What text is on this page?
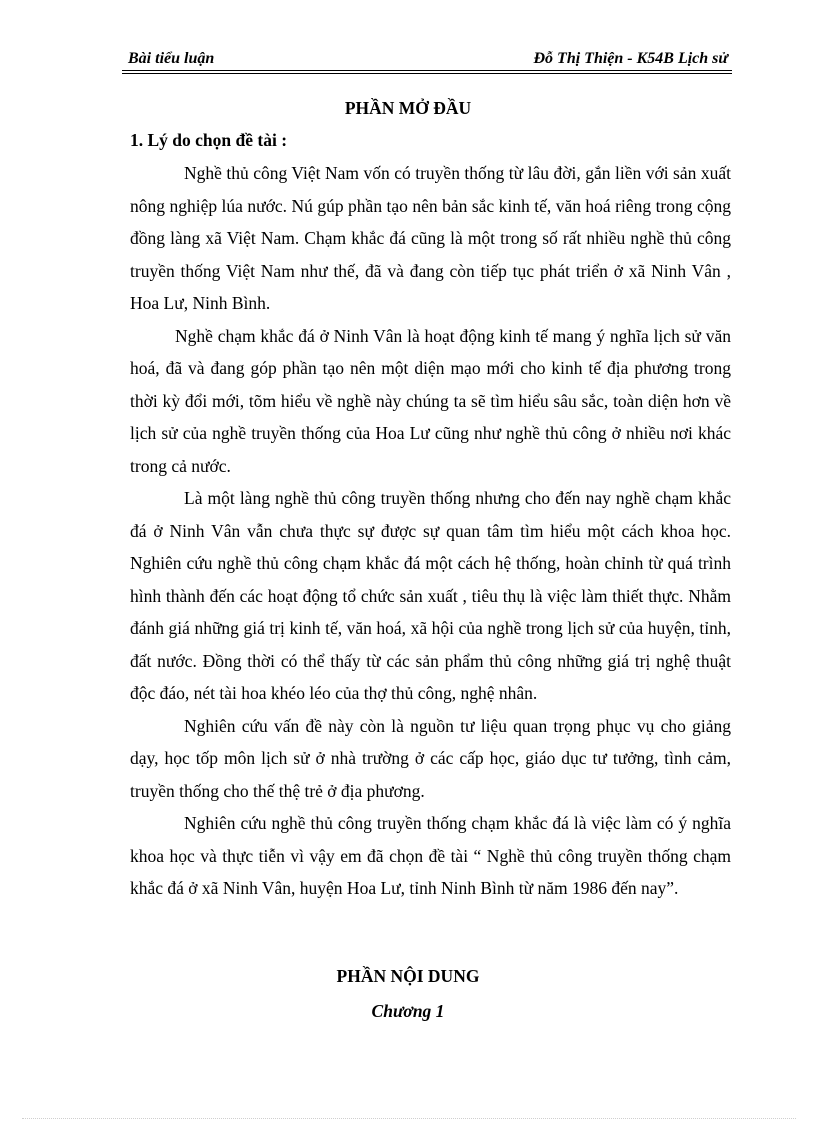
Bài tiểu luận	Đỗ Thị Thiện - K54B Lịch sử
PHẦN MỞ ĐẦU
1. Lý do chọn đề tài :

Nghề thủ công Việt Nam vốn có truyền thống từ lâu đời, gắn liền với sản xuất nông nghiệp lúa nước. Nú gúp phần tạo nên bản sắc kinh tế, văn hoá riêng trong cộng đồng làng xã Việt Nam. Chạm khắc đá cũng là một trong số rất nhiều nghề thủ công truyền thống Việt Nam như thế, đã và đang còn tiếp tục phát triển ở xã Ninh Vân , Hoa Lư, Ninh Bình.

Nghề chạm khắc đá ở Ninh Vân là hoạt động kinh tế mang ý nghĩa lịch sử văn hoá, đã và đang góp phần tạo nên một diện mạo mới cho kinh tế địa phương trong thời kỳ đổi mới, tõm hiểu về nghề này chúng ta sẽ tìm hiểu sâu sắc, toàn diện hơn về lịch sử của nghề truyền thống của Hoa Lư cũng như nghề thủ công ở nhiều nơi khác trong cả nước.

Là một làng nghề thủ công truyền thống nhưng cho đến nay nghề chạm khắc đá ở Ninh Vân vẫn chưa thực sự được sự quan tâm tìm hiểu một cách khoa học. Nghiên cứu nghề thủ công chạm khắc đá một cách hệ thống, hoàn chỉnh từ quá trình hình thành đến các hoạt động tổ chức sản xuất , tiêu thụ là việc làm thiết thực. Nhằm đánh giá những giá trị kinh tế, văn hoá, xã hội của nghề trong lịch sử của huyện, tỉnh, đất nước. Đồng thời có thể thấy từ các sản phẩm thủ công những giá trị nghệ thuật độc đáo, nét tài hoa khéo léo của thợ thủ công, nghệ nhân.

Nghiên cứu vấn đề này còn là nguồn tư liệu quan trọng phục vụ cho giảng dạy, học tốp môn lịch sử ở nhà trường ở các cấp học, giáo dục tư tưởng, tình cảm, truyền thống cho thế thệ trẻ ở địa phương.

Nghiên cứu nghề thủ công truyền thống chạm khắc đá là việc làm có ý nghĩa khoa học và thực tiễn vì vậy em đã chọn đề tài “ Nghề thủ công truyền thống chạm khắc đá ở xã Ninh Vân, huyện Hoa Lư, tỉnh Ninh Bình từ năm 1986 đến nay”.

PHẦN NỘI DUNG
Chương 1
